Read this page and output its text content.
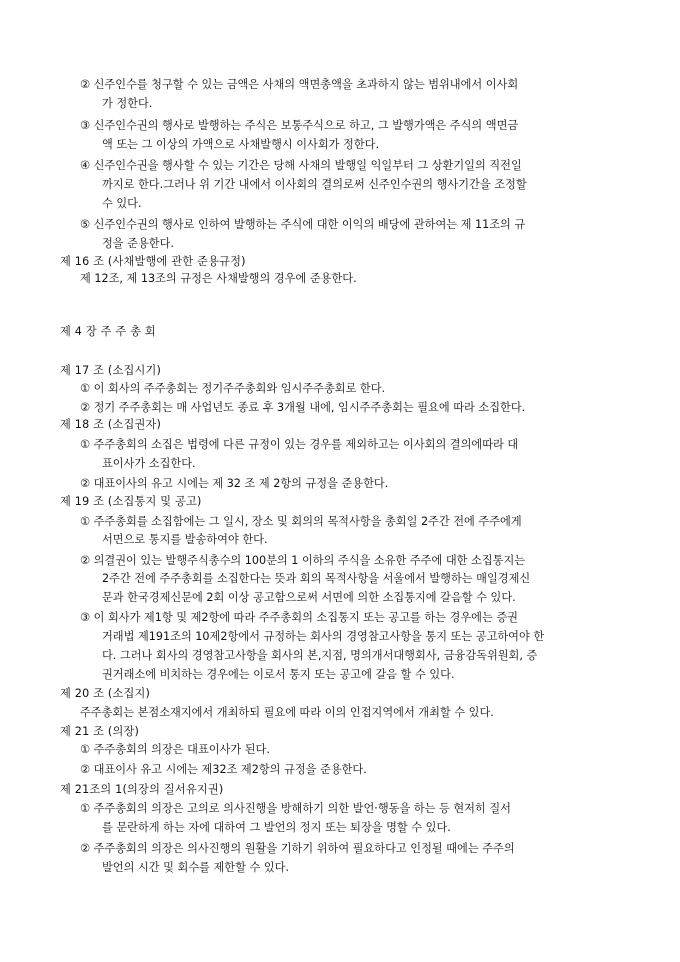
② 신주인수를 청구할 수 있는 금액은 사채의 액면총액을 초과하지 않는 범위내에서 이사회
가 정한다.
③ 신주인수권의 행사로 발행하는 주식은 보통주식으로 하고, 그 발행가액은 주식의 액면금
액 또는 그 이상의 가액으로 사채발행시 이사회가 정한다.
④ 신주인수권을 행사할 수 있는 기간은 당해 사채의 발행일 익일부터 그 상환기일의 직전일
까지로 한다.그러나 위 기간 내에서 이사회의 결의로써 신주인수권의 행사기간을 조정할
수 있다.
⑤ 신주인수권의 행사로 인하여 발행하는 주식에 대한 이익의 배당에 관하여는 제 11조의 규
정을 준용한다.
제 16 조 (사채발행에 관한 준용규정)
제 12조, 제 13조의 규정은 사채발행의 경우에 준용한다.
제 4 장 주 주 총 회
제 17 조 (소집시기)
① 이 회사의 주주총회는 정기주주총회와 임시주주총회로 한다.
② 정기 주주총회는 매 사업년도 종료 후 3개월 내에, 임시주주총회는 필요에 따라 소집한다.
제 18 조 (소집권자)
① 주주총회의 소집은 법령에 다른 규정이 있는 경우를 제외하고는 이사회의 결의에따라 대
표이사가 소집한다.
② 대표이사의 유고 시에는 제 32 조 제 2항의 규정을 준용한다.
제 19 조 (소집통지 및 공고)
① 주주총회를 소집함에는 그 일시, 장소 및 회의의 목적사항을 총회일 2주간 전에 주주에게
서면으로 통지를 발송하여야 한다.
② 의결권이 있는 발행주식총수의 100분의 1 이하의 주식을 소유한 주주에 대한 소집통지는
2주간 전에 주주총회를 소집한다는 뜻과 회의 목적사항을 서울에서 발행하는 매일경제신
문과 한국경제신문에 2회 이상 공고함으로써 서면에 의한 소집통지에 갈음할 수 있다.
③ 이 회사가 제1항 및 제2항에 따라 주주총회의 소집통지 또는 공고를 하는 경우에는 증권
거래법 제191조의 10제2항에서 규정하는 회사의 경영참고사항을 통지 또는 공고하여야 한
다. 그러나 회사의 경영참고사항을 회사의 본,지점, 명의개서대행회사, 금융감독위원회, 증
권거래소에 비치하는 경우에는 이로서 통지 또는 공고에 갈음 할 수 있다.
제 20 조 (소집지)
주주총회는 본점소재지에서 개최하되 필요에 따라 이의 인접지역에서 개최할 수 있다.
제 21 조 (의장)
① 주주총회의 의장은 대표이사가 된다.
② 대표이사 유고 시에는 제32조 제2항의 규정을 준용한다.
제 21조의 1(의장의 질서유지권)
① 주주총회의 의장은 고의로 의사진행을 방해하기 의한 발언·행동을 하는 등 현저히 질서
를 문란하게 하는 자에 대하여 그 발언의 정지 또는 퇴장을 명할 수 있다.
② 주주총회의 의장은 의사진행의 원활을 기하기 위하여 필요하다고 인정될 때에는 주주의
발언의 시간 및 회수를 제한할 수 있다.
